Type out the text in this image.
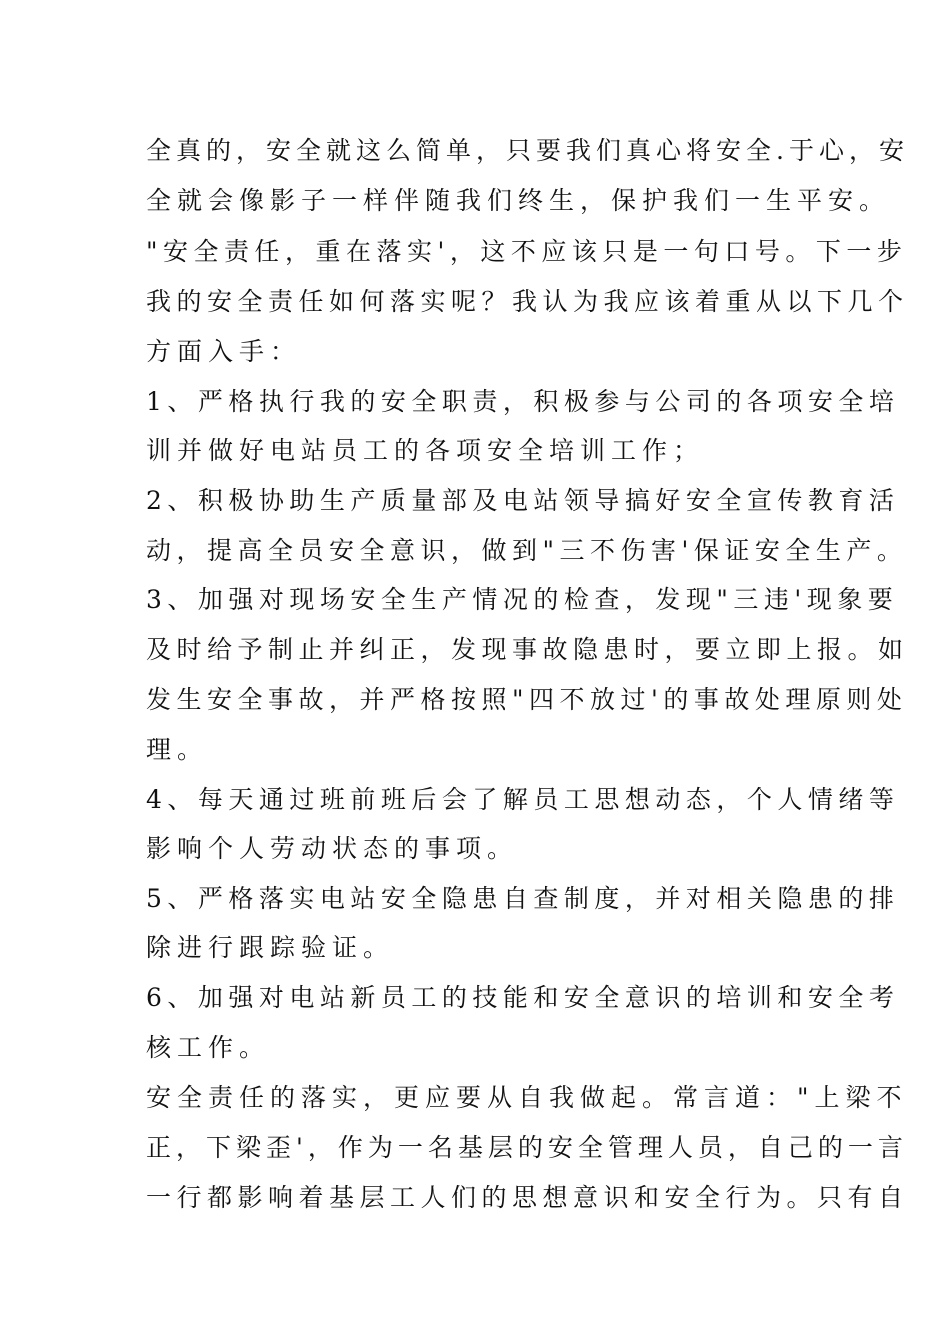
全真的，安全就这么简单，只要我们真心将安全.于心，安
全就会像影子一样伴随我们终生，保护我们一生平安。
"安全责任，重在落实'，这不应该只是一句口号。下一步
我的安全责任如何落实呢？我认为我应该着重从以下几个
方面入手：
1、严格执行我的安全职责，积极参与公司的各项安全培
训并做好电站员工的各项安全培训工作；
2、积极协助生产质量部及电站领导搞好安全宣传教育活
动，提高全员安全意识，做到"三不伤害'保证安全生产。
3、加强对现场安全生产情况的检查，发现"三违'现象要
及时给予制止并纠正，发现事故隐患时，要立即上报。如
发生安全事故，并严格按照"四不放过'的事故处理原则处
理。
4、每天通过班前班后会了解员工思想动态，个人情绪等
影响个人劳动状态的事项。
5、严格落实电站安全隐患自查制度，并对相关隐患的排
除进行跟踪验证。
6、加强对电站新员工的技能和安全意识的培训和安全考
核工作。
安全责任的落实，更应要从自我做起。常言道："上梁不
正，下梁歪'，作为一名基层的安全管理人员，自己的一言
一行都影响着基层工人们的思想意识和安全行为。只有自
